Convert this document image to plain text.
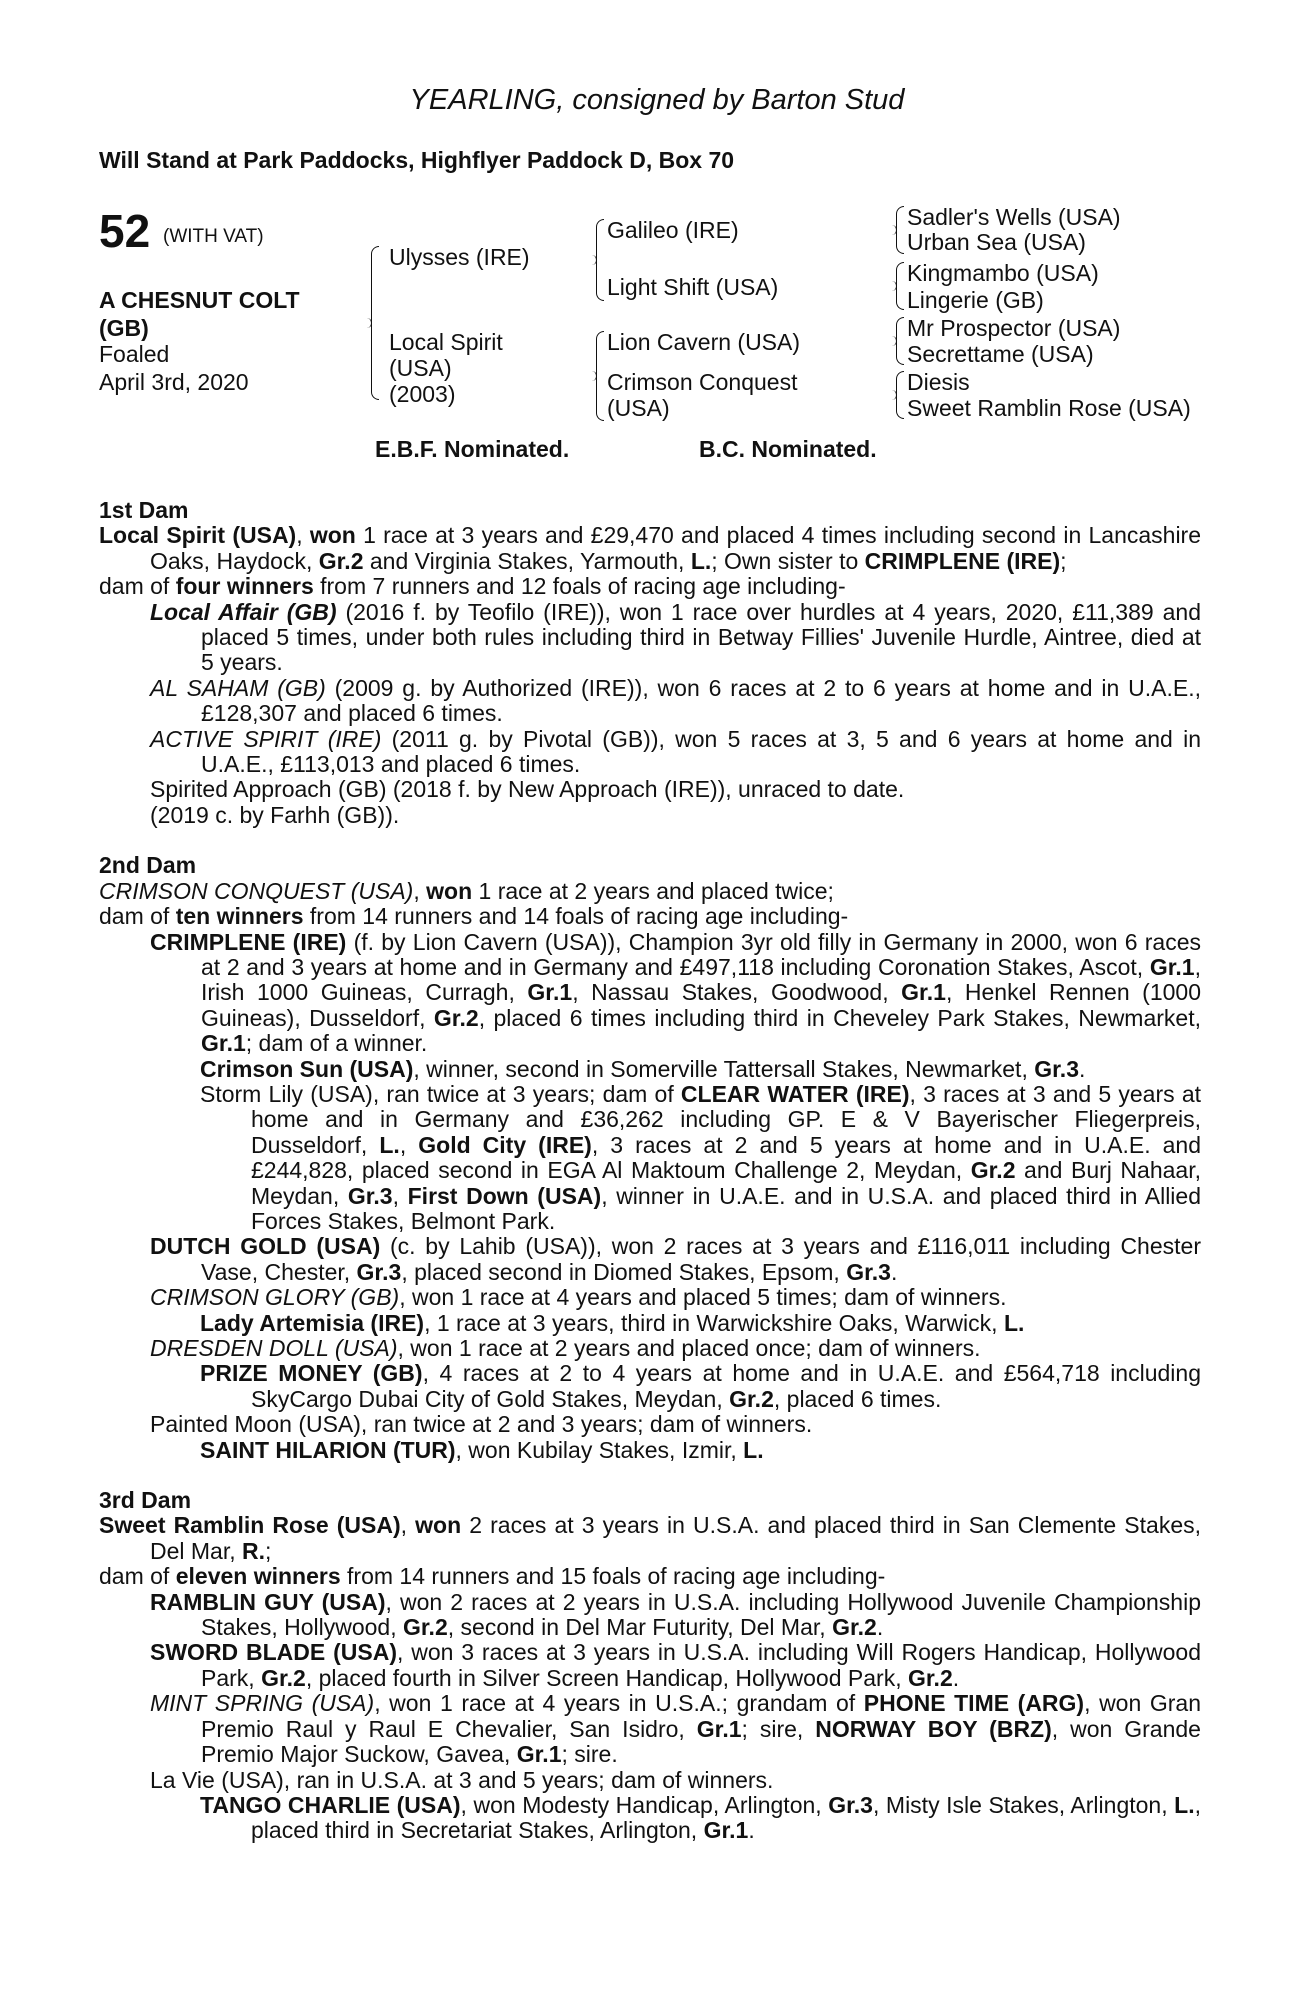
YEARLING, consigned by Barton Stud
Will Stand at Park Paddocks, Highflyer Paddock D, Box 70
52 (WITH VAT)
A CHESNUT COLT
(GB)
Foaled
April 3rd, 2020
Ulysses (IRE)
Local Spirit
(USA)
(2003)
Galileo (IRE)
Light Shift (USA)
Lion Cavern (USA)
Crimson Conquest
(USA)
Sadler's Wells (USA)
Urban Sea (USA)
Kingmambo (USA)
Lingerie (GB)
Mr Prospector (USA)
Secrettame (USA)
Diesis
Sweet Ramblin Rose (USA)
E.B.F. Nominated.	B.C. Nominated.
1st Dam
Local Spirit (USA), won 1 race at 3 years and £29,470 and placed 4 times including second in Lancashire Oaks, Haydock, Gr.2 and Virginia Stakes, Yarmouth, L.; Own sister to CRIMPLENE (IRE);
dam of four winners from 7 runners and 12 foals of racing age including-
Local Affair (GB) (2016 f. by Teofilo (IRE)), won 1 race over hurdles at 4 years, 2020, £11,389 and placed 5 times, under both rules including third in Betway Fillies' Juvenile Hurdle, Aintree, died at 5 years.
AL SAHAM (GB) (2009 g. by Authorized (IRE)), won 6 races at 2 to 6 years at home and in U.A.E., £128,307 and placed 6 times.
ACTIVE SPIRIT (IRE) (2011 g. by Pivotal (GB)), won 5 races at 3, 5 and 6 years at home and in U.A.E., £113,013 and placed 6 times.
Spirited Approach (GB) (2018 f. by New Approach (IRE)), unraced to date.
(2019 c. by Farhh (GB)).
2nd Dam
CRIMSON CONQUEST (USA), won 1 race at 2 years and placed twice;
dam of ten winners from 14 runners and 14 foals of racing age including-
CRIMPLENE (IRE) (f. by Lion Cavern (USA)), Champion 3yr old filly in Germany in 2000, won 6 races at 2 and 3 years at home and in Germany and £497,118 including Coronation Stakes, Ascot, Gr.1, Irish 1000 Guineas, Curragh, Gr.1, Nassau Stakes, Goodwood, Gr.1, Henkel Rennen (1000 Guineas), Dusseldorf, Gr.2, placed 6 times including third in Cheveley Park Stakes, Newmarket, Gr.1; dam of a winner.
Crimson Sun (USA), winner, second in Somerville Tattersall Stakes, Newmarket, Gr.3.
Storm Lily (USA), ran twice at 3 years; dam of CLEAR WATER (IRE), 3 races at 3 and 5 years at home and in Germany and £36,262 including GP. E & V Bayerischer Fliegerpreis, Dusseldorf, L., Gold City (IRE), 3 races at 2 and 5 years at home and in U.A.E. and £244,828, placed second in EGA Al Maktoum Challenge 2, Meydan, Gr.2 and Burj Nahaar, Meydan, Gr.3, First Down (USA), winner in U.A.E. and in U.S.A. and placed third in Allied Forces Stakes, Belmont Park.
DUTCH GOLD (USA) (c. by Lahib (USA)), won 2 races at 3 years and £116,011 including Chester Vase, Chester, Gr.3, placed second in Diomed Stakes, Epsom, Gr.3.
CRIMSON GLORY (GB), won 1 race at 4 years and placed 5 times; dam of winners.
Lady Artemisia (IRE), 1 race at 3 years, third in Warwickshire Oaks, Warwick, L.
DRESDEN DOLL (USA), won 1 race at 2 years and placed once; dam of winners.
PRIZE MONEY (GB), 4 races at 2 to 4 years at home and in U.A.E. and £564,718 including SkyCargo Dubai City of Gold Stakes, Meydan, Gr.2, placed 6 times.
Painted Moon (USA), ran twice at 2 and 3 years; dam of winners.
SAINT HILARION (TUR), won Kubilay Stakes, Izmir, L.
3rd Dam
Sweet Ramblin Rose (USA), won 2 races at 3 years in U.S.A. and placed third in San Clemente Stakes, Del Mar, R.;
dam of eleven winners from 14 runners and 15 foals of racing age including-
RAMBLIN GUY (USA), won 2 races at 2 years in U.S.A. including Hollywood Juvenile Championship Stakes, Hollywood, Gr.2, second in Del Mar Futurity, Del Mar, Gr.2.
SWORD BLADE (USA), won 3 races at 3 years in U.S.A. including Will Rogers Handicap, Hollywood Park, Gr.2, placed fourth in Silver Screen Handicap, Hollywood Park, Gr.2.
MINT SPRING (USA), won 1 race at 4 years in U.S.A.; grandam of PHONE TIME (ARG), won Gran Premio Raul y Raul E Chevalier, San Isidro, Gr.1; sire, NORWAY BOY (BRZ), won Grande Premio Major Suckow, Gavea, Gr.1; sire.
La Vie (USA), ran in U.S.A. at 3 and 5 years; dam of winners.
TANGO CHARLIE (USA), won Modesty Handicap, Arlington, Gr.3, Misty Isle Stakes, Arlington, L., placed third in Secretariat Stakes, Arlington, Gr.1.
